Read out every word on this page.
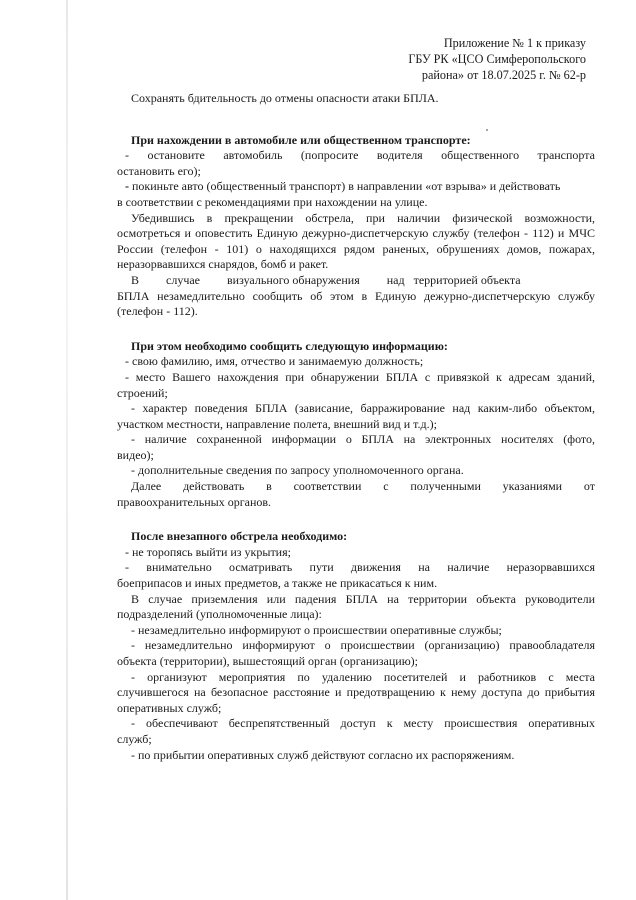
Приложение № 1 к приказу
ГБУ РК «ЦСО Симферопольского
района» от 18.07.2025 г. № 62-р
Сохранять бдительность до отмены опасности атаки БПЛА.
При нахождении в автомобиле или общественном транспорте:
- остановите автомобиль (попросите водителя общественного транспорта
остановить его);
- покиньте авто (общественный транспорт) в направлении «от взрыва» и действовать
в соответствии с рекомендациями при нахождении на улице.
Убедившись в прекращении обстрела, при наличии физической возможности,
осмотреться и оповестить Единую дежурно-диспетчерскую службу (телефон - 112) и МЧС
России (телефон - 101) о находящихся рядом раненых, обрушениях домов, пожарах,
неразорвавшихся снарядов, бомб и ракет.
В         случае         визуального обнаружения         над   территорией объекта
БПЛА незамедлительно сообщить об этом в Единую дежурно-диспетчерскую службу
(телефон - 112).
При этом необходимо сообщить следующую информацию:
- свою фамилию, имя, отчество и занимаемую должность;
- место Вашего нахождения при обнаружении БПЛА с привязкой к адресам зданий,
строений;
- характер поведения БПЛА (зависание, барражирование над каким-либо объектом,
участком местности, направление полета, внешний вид и т.д.);
- наличие сохраненной информации о БПЛА на электронных носителях (фото,
видео);
- дополнительные сведения по запросу уполномоченного органа.
Далее действовать в соответствии с полученными указаниями от
правоохранительных органов.
После внезапного обстрела необходимо:
- не торопясь выйти из укрытия;
- внимательно осматривать пути движения на наличие неразорвавшихся
боеприпасов и иных предметов, а также не прикасаться к ним.
В случае приземления или падения БПЛА на территории объекта руководители
подразделений (уполномоченные лица):
- незамедлительно информируют о происшествии оперативные службы;
- незамедлительно информируют о происшествии (организацию) правообладателя
объекта (территории), вышестоящий орган (организацию);
- организуют мероприятия по удалению посетителей и работников с места
случившегося на безопасное расстояние и предотвращению к нему доступа до прибытия
оперативных служб;
- обеспечивают беспрепятственный доступ к месту происшествия оперативных
служб;
- по прибытии оперативных служб действуют согласно их распоряжениям.
